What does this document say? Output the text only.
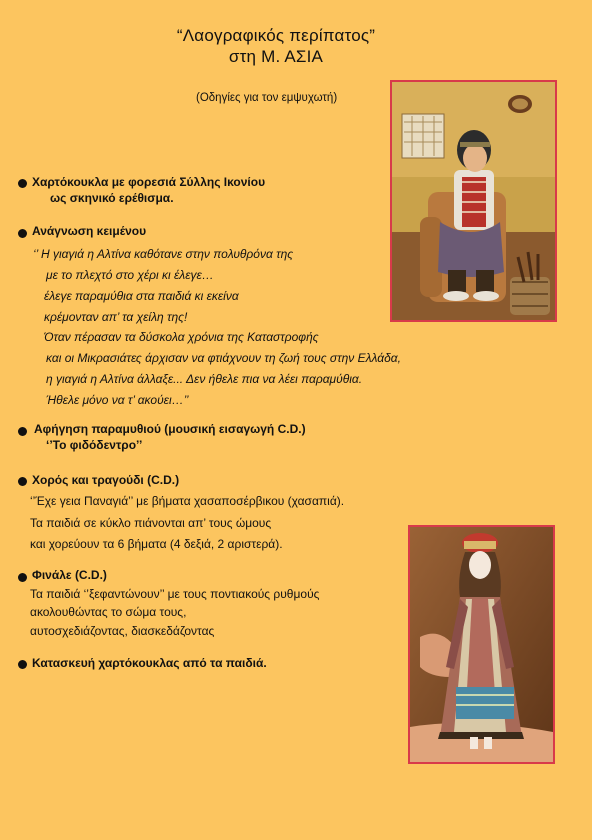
“Λαογραφικός περίπατος”
στη Μ. ΑΣΙΑ
(Οδηγίες για τον εμψυχωτή)
Χαρτόκουκλα με φορεσιά Σύλλης Ικονίου
ως σκηνικό ερέθισμα.
Ανάγνωση κειμένου
‘’ Η γιαγιά η Αλτίνα καθότανε στην πολυθρόνα της
με το πλεχτό στο χέρι κι έλεγε…
έλεγε παραμύθια στα παιδιά κι εκείνα
κρέμονταν απ’ τα χείλη της!
Όταν πέρασαν τα δύσκολα χρόνια της Καταστροφής
και οι Μικρασιάτες άρχισαν να φτιάχνουν τη ζωή τους στην Ελλάδα,
η γιαγιά η Αλτίνα άλλαξε... Δεν ήθελε πια να λέει παραμύθια.
Ήθελε μόνο να τ’ ακούει…’’
Αφήγηση παραμυθιού (μουσική εισαγωγή C.D.)
‘’Το φιδόδεντρο’’
Χορός και τραγούδι (C.D.)
‘’Έχε γεια Παναγιά’’ με βήματα χασαποσέρβικου (χασαπιά).
Τα παιδιά σε κύκλο πιάνονται απ’ τους ώμους
και χορεύουν τα 6 βήματα (4 δεξιά, 2 αριστερά).
Φινάλε (C.D.)
Τα παιδιά ‘’ξεφαντώνουν’’ με τους ποντιακούς ρυθμούς
ακολουθώντας το σώμα τους,
αυτοσχεδιάζοντας, διασκεδάζοντας
Κατασκευή χαρτόκουκλας από τα παιδιά.
